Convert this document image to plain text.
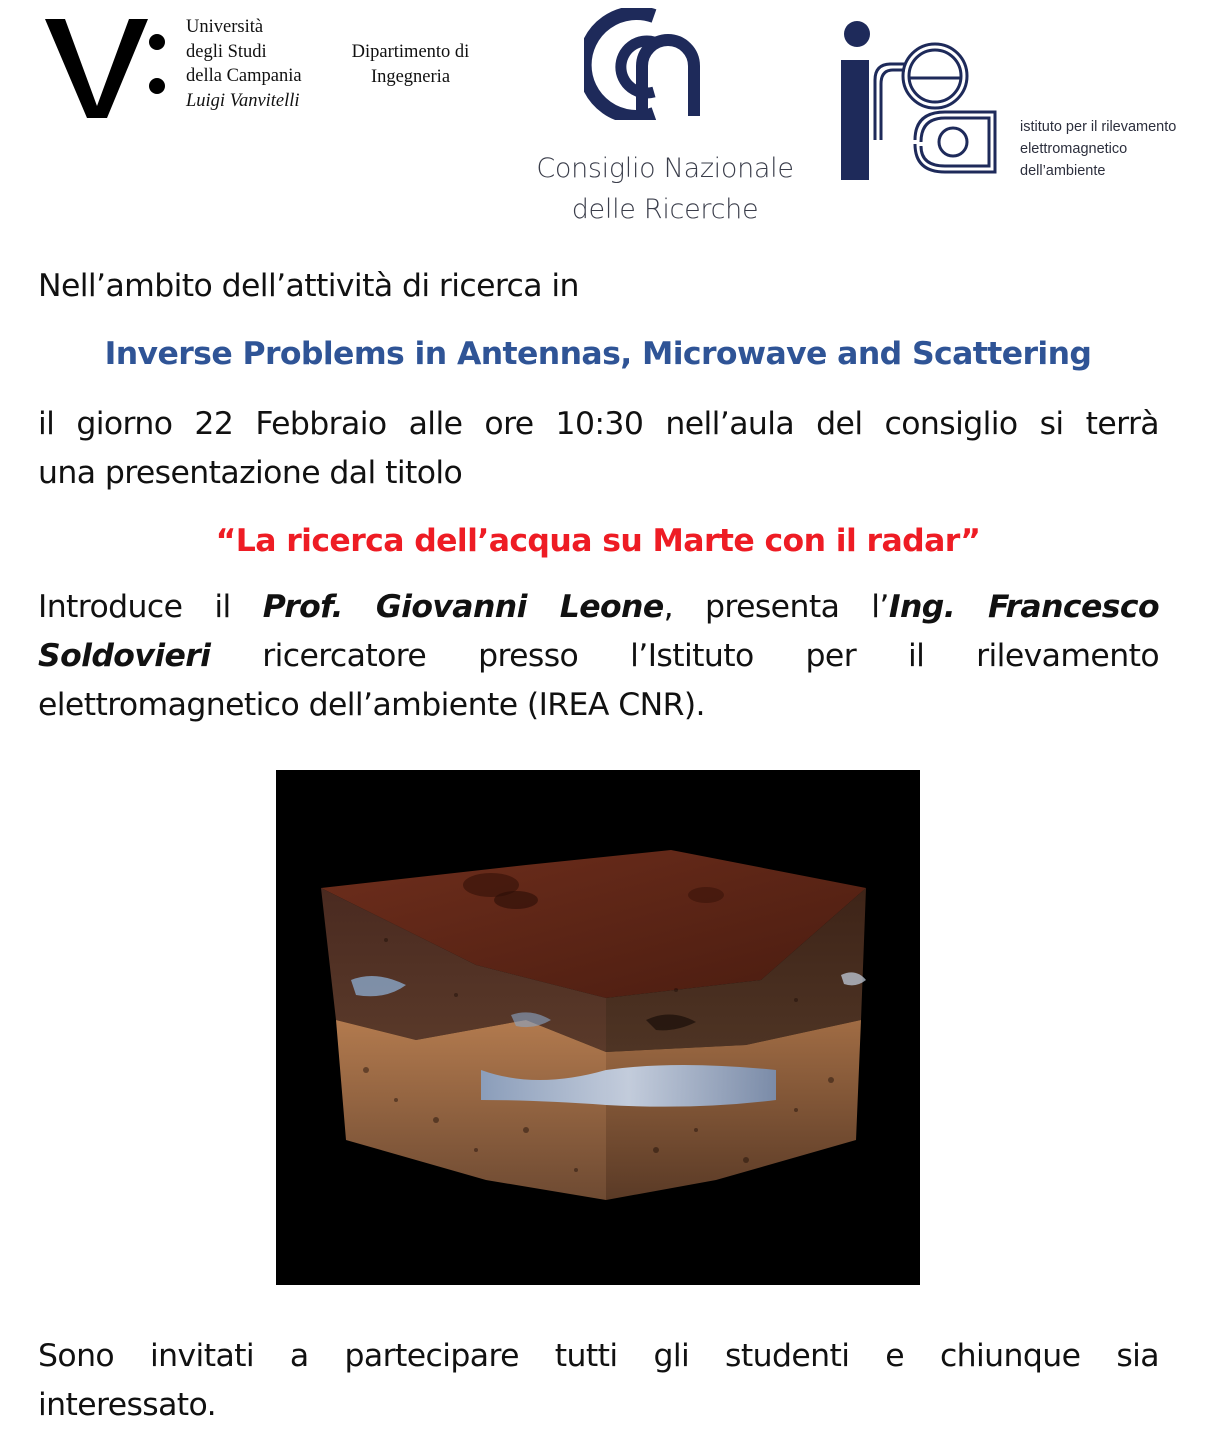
Università
degli Studi
della Campania
Luigi Vanvitelli
Dipartimento di
Ingegneria
Consiglio Nazionale
delle Ricerche
irea
istituto per il rilevamento
elettromagnetico
dell’ambiente
Nell’ambito dell’attività di ricerca in
Inverse Problems in Antennas, Microwave and Scattering
il giorno 22 Febbraio alle ore 10:30 nell’aula del consiglio si terrà
una presentazione dal titolo
“La ricerca dell’acqua su Marte con il radar”
Introduce il Prof. Giovanni Leone, presenta l’Ing. Francesco
Soldovieri ricercatore presso l’Istituto per il rilevamento
elettromagnetico dell’ambiente (IREA CNR).
Sono invitati a partecipare tutti gli studenti e chiunque sia
interessato.
